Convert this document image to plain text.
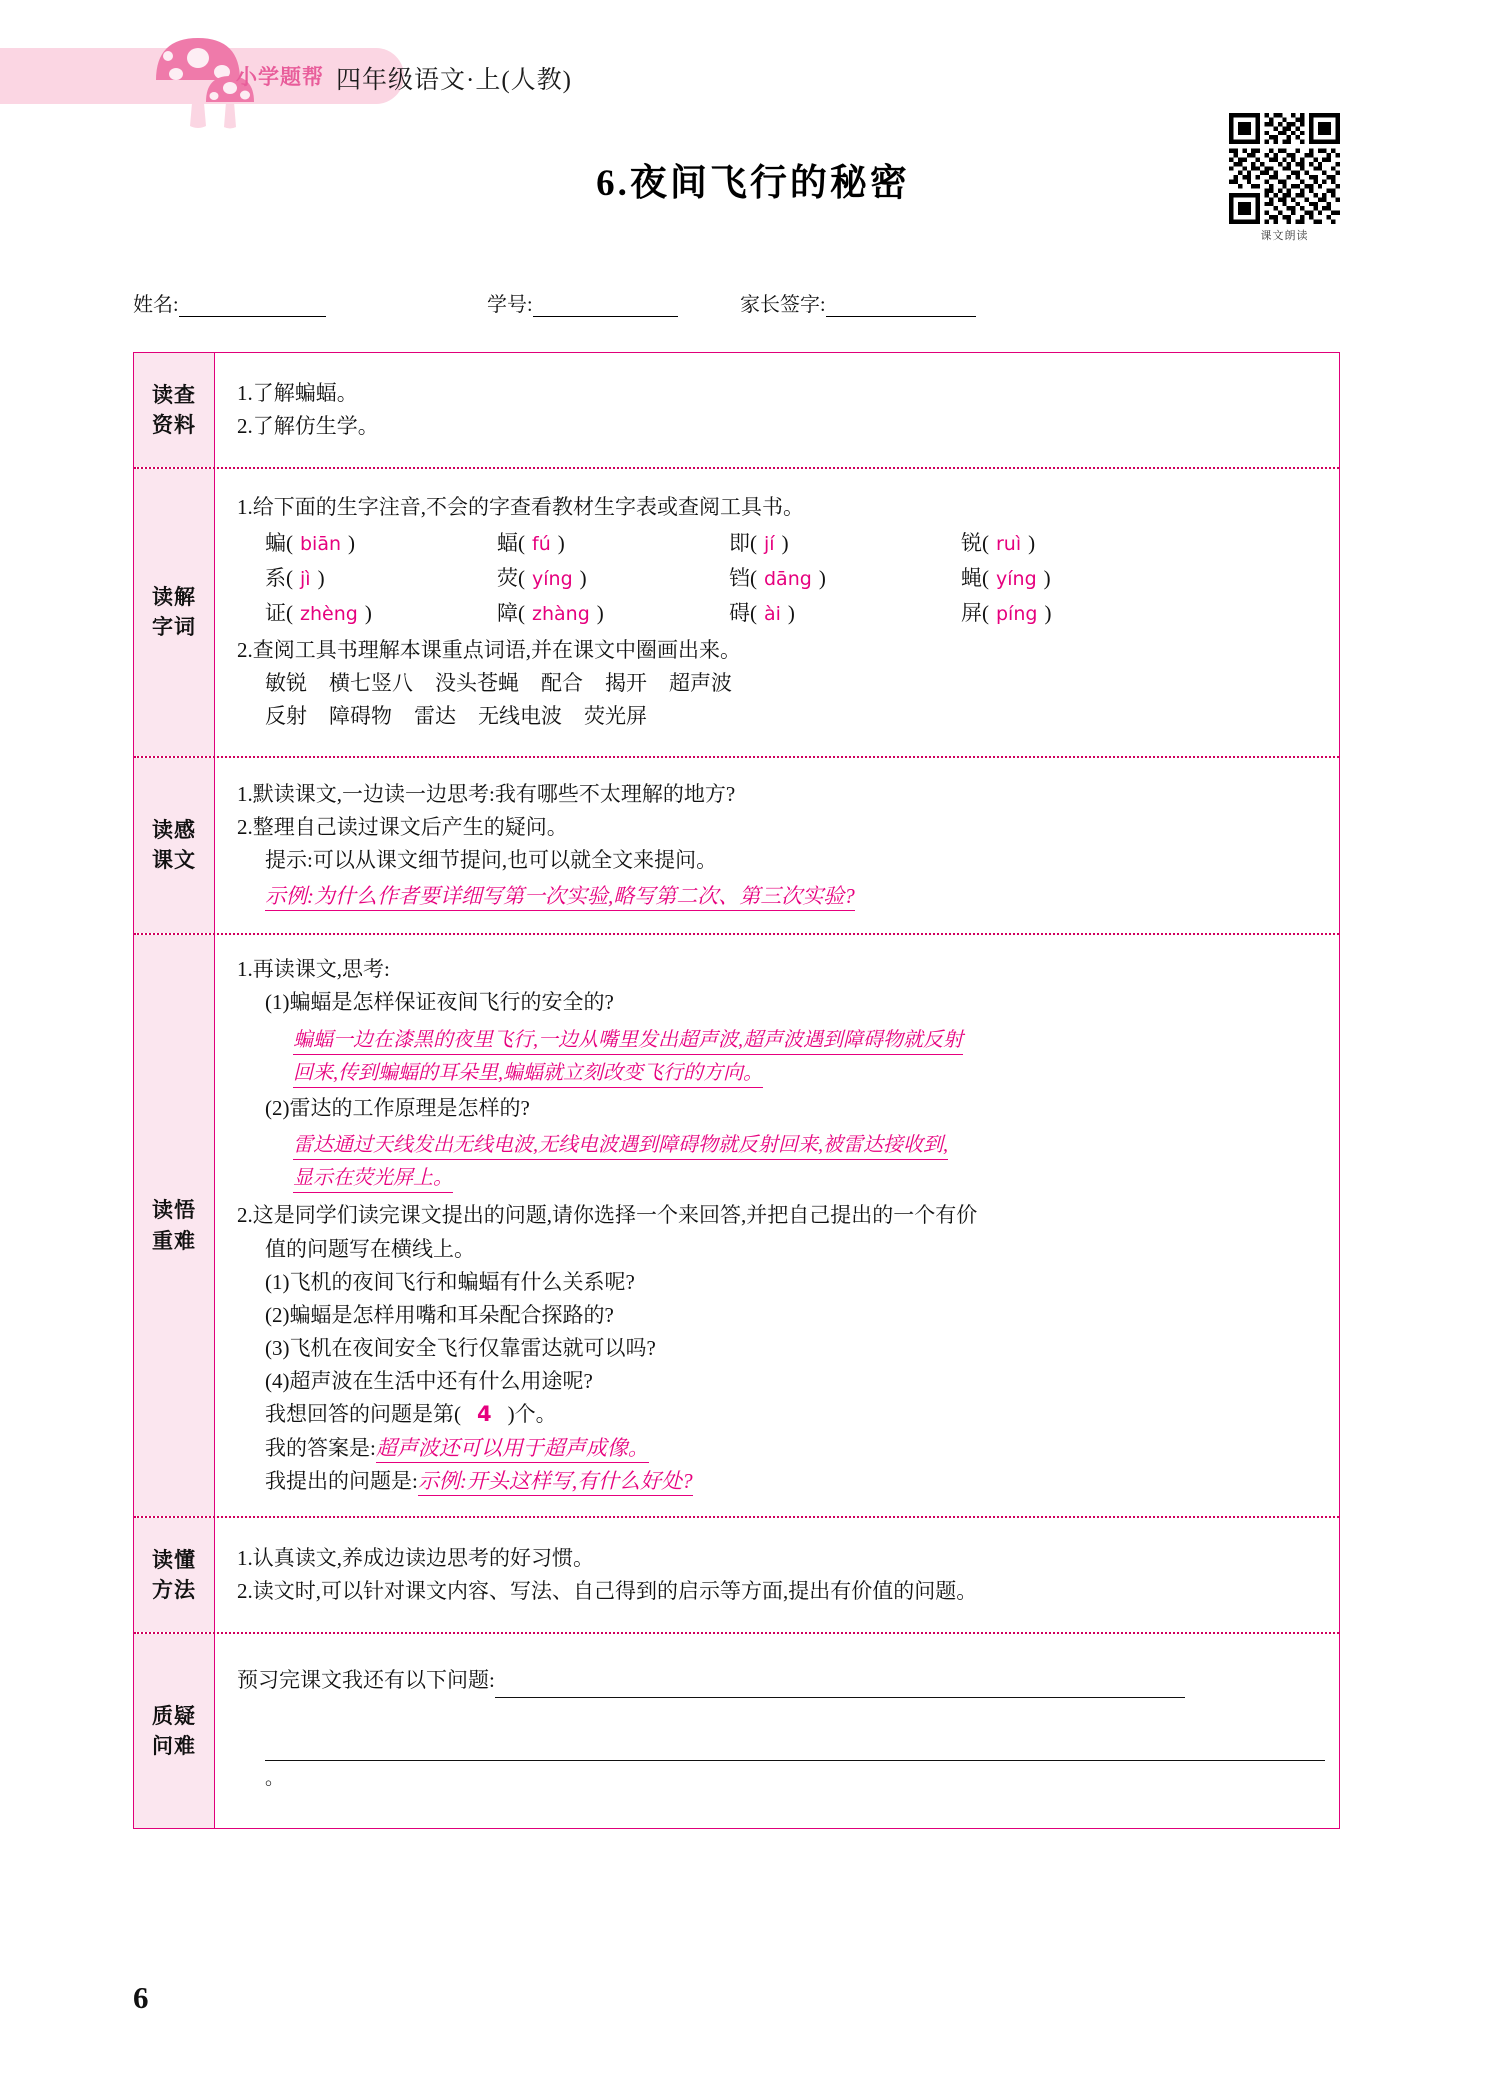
小学题帮 四年级语文·上(人教)
课文朗读
6.夜间飞行的秘密
姓名:	学号:	家长签字:
读查
资料
1.了解蝙蝠。
2.了解仿生学。
读解
字词
1.给下面的生字注音,不会的字查看教材生字表或查阅工具书。
蝙( biān )	蝠( fú )	即( jí )	锐( ruì )
系( jì )	荧( yíng )	铛( dāng )	蝇( yíng )
证( zhèng )	障( zhàng )	碍( ài )	屏( píng )
2.查阅工具书理解本课重点词语,并在课文中圈画出来。
敏锐 横七竖八 没头苍蝇 配合 揭开 超声波
反射 障碍物 雷达 无线电波 荧光屏
读感
课文
1.默读课文,一边读一边思考:我有哪些不太理解的地方?
2.整理自己读过课文后产生的疑问。
提示:可以从课文细节提问,也可以就全文来提问。
示例:为什么作者要详细写第一次实验,略写第二次、第三次实验?
读悟
重难
1.再读课文,思考:
(1)蝙蝠是怎样保证夜间飞行的安全的?
蝙蝠一边在漆黑的夜里飞行,一边从嘴里发出超声波,超声波遇到障碍物就反射
回来,传到蝙蝠的耳朵里,蝙蝠就立刻改变飞行的方向。
(2)雷达的工作原理是怎样的?
雷达通过天线发出无线电波,无线电波遇到障碍物就反射回来,被雷达接收到,
显示在荧光屏上。
2.这是同学们读完课文提出的问题,请你选择一个来回答,并把自己提出的一个有价
值的问题写在横线上。
(1)飞机的夜间飞行和蝙蝠有什么关系呢?
(2)蝙蝠是怎样用嘴和耳朵配合探路的?
(3)飞机在夜间安全飞行仅靠雷达就可以吗?
(4)超声波在生活中还有什么用途呢?
我想回答的问题是第( 4 )个。
我的答案是:超声波还可以用于超声成像。
我提出的问题是:示例:开头这样写,有什么好处?
读懂
方法
1.认真读文,养成边读边思考的好习惯。
2.读文时,可以针对课文内容、写法、自己得到的启示等方面,提出有价值的问题。
质疑
问难
预习完课文我还有以下问题:
。
6
